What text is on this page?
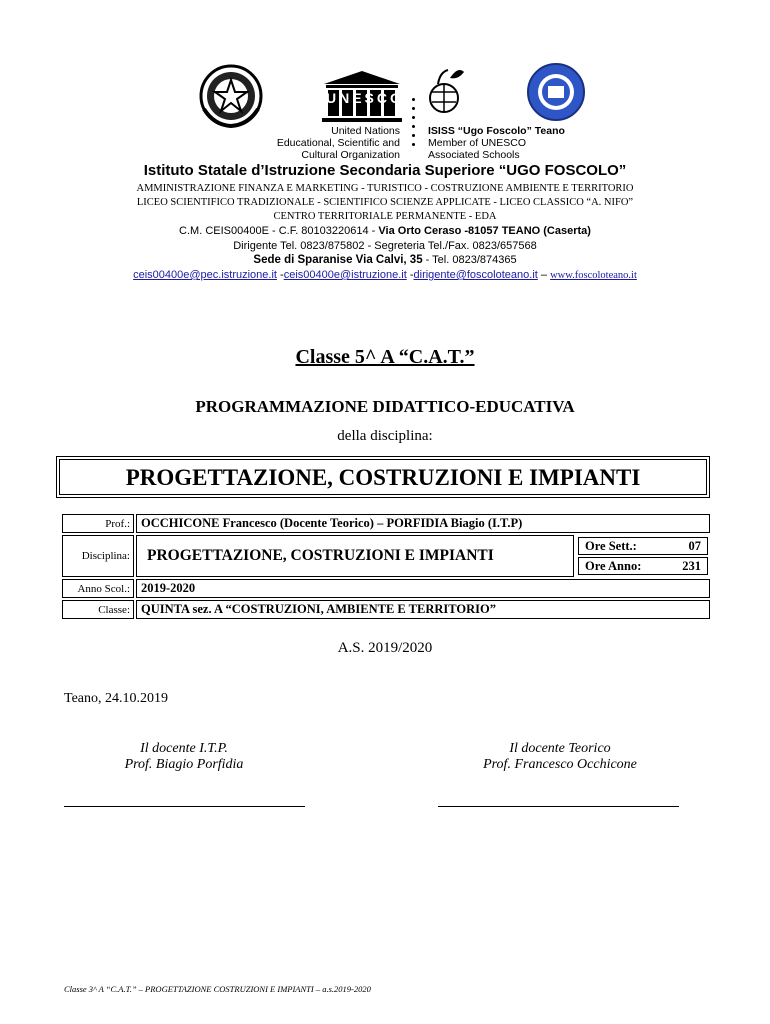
UNESCO
United Nations
Educational, Scientific and
Cultural Organization
ISISS “Ugo Foscolo” Teano
Member of UNESCO
Associated Schools
Istituto Statale d’Istruzione Secondaria Superiore “UGO FOSCOLO”
AMMINISTRAZIONE FINANZA E MARKETING - TURISTICO - COSTRUZIONE AMBIENTE E TERRITORIO
LICEO SCIENTIFICO TRADIZIONALE - SCIENTIFICO SCIENZE APPLICATE - LICEO CLASSICO “A. NIFO”
CENTRO TERRITORIALE PERMANENTE - EDA
C.M. CEIS00400E - C.F. 80103220614 - Via Orto Ceraso -81057 TEANO (Caserta)
Dirigente Tel. 0823/875802 - Segreteria Tel./Fax. 0823/657568
Sede di Sparanise Via Calvi, 35 - Tel. 0823/874365
ceis00400e@pec.istruzione.it -ceis00400e@istruzione.it -dirigente@foscoloteano.it – www.foscoloteano.it
Classe 5^ A “C.A.T.”
PROGRAMMAZIONE DIDATTICO-EDUCATIVA
della disciplina:
PROGETTAZIONE, COSTRUZIONI E IMPIANTI
Prof.:	OCCHICONE Francesco (Docente Teorico) – PORFIDIA Biagio (I.T.P)
Disciplina:	PROGETTAZIONE, COSTRUZIONI E IMPIANTI	
Ore Sett.:	07

Ore Anno:	231

Anno Scol.:	2019-2020
Classe:	QUINTA sez. A “COSTRUZIONI, AMBIENTE E TERRITORIO”
A.S. 2019/2020
Teano, 24.10.2019
Il docente I.T.P.
Prof. Biagio Porfidia
Il docente Teorico
Prof. Francesco Occhicone
Classe 3^ A “C.A.T.” – PROGETTAZIONE COSTRUZIONI E IMPIANTI – a.s.2019-2020
